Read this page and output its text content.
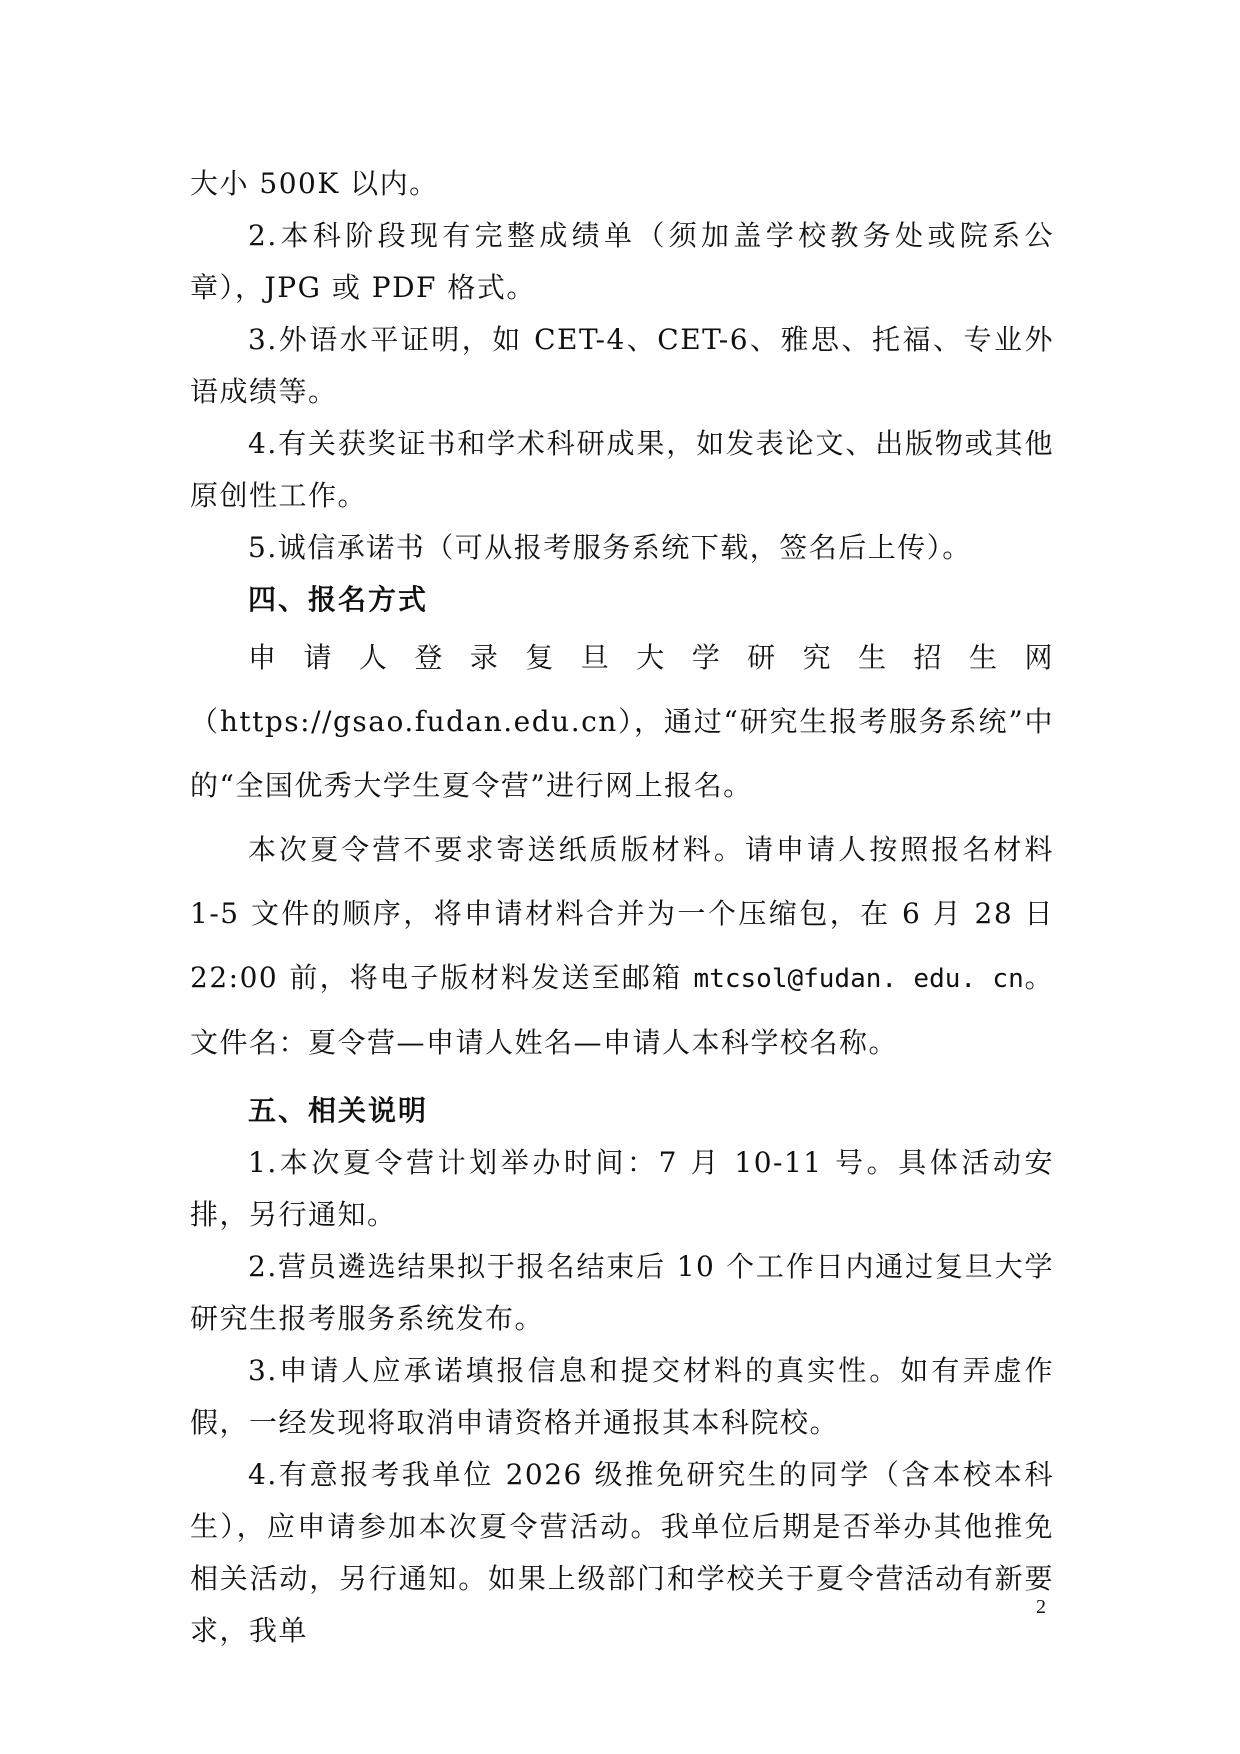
大小 500K 以内。

2.本科阶段现有完整成绩单（须加盖学校教务处或院系公章），JPG 或 PDF 格式。

3.外语水平证明，如 CET-4、CET-6、雅思、托福、专业外语成绩等。

4.有关获奖证书和学术科研成果，如发表论文、出版物或其他原创性工作。

5.诚信承诺书（可从报考服务系统下载，签名后上传）。

四、报名方式

申请人登录复旦大学研究生招生网（https://gsao.fudan.edu.cn），通过“研究生报考服务系统”中的“全国优秀大学生夏令营”进行网上报名。

本次夏令营不要求寄送纸质版材料。请申请人按照报名材料 1-5 文件的顺序，将申请材料合并为一个压缩包，在 6 月 28 日 22:00 前，将电子版材料发送至邮箱 mtcsol@fudan. edu. cn。文件名：夏令营—申请人姓名—申请人本科学校名称。

五、相关说明

1.本次夏令营计划举办时间：7 月 10-11 号。具体活动安排，另行通知。

2.营员遴选结果拟于报名结束后 10 个工作日内通过复旦大学研究生报考服务系统发布。

3.申请人应承诺填报信息和提交材料的真实性。如有弄虚作假，一经发现将取消申请资格并通报其本科院校。

4.有意报考我单位 2026 级推免研究生的同学（含本校本科生），应申请参加本次夏令营活动。我单位后期是否举办其他推免相关活动，另行通知。如果上级部门和学校关于夏令营活动有新要求，我单

2
